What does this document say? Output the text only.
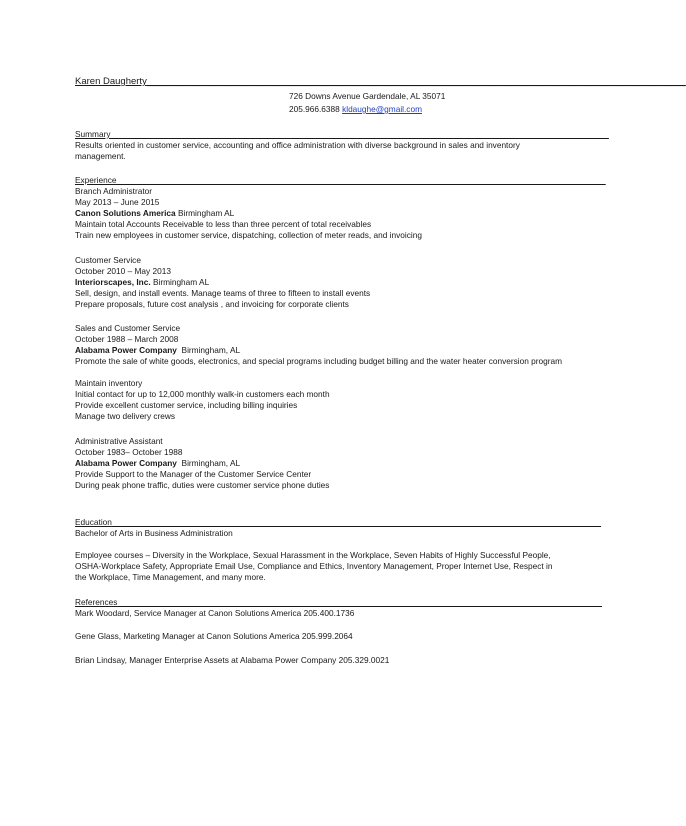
Karen Daugherty______________________________________________________________________________________________________
726 Downs Avenue Gardendale, AL 35071
205.966.6388 kldaughe@gmail.com
Summary____________________________________________________________________________________________________________
Results oriented in customer service, accounting and office administration with diverse background in sales and inventory management.
Experience__________________________________________________________________________________________________________
Branch Administrator
May 2013 – June 2015
Canon Solutions America Birmingham AL
Maintain total Accounts Receivable to less than three percent of total receivables
Train new employees in customer service, dispatching, collection of meter reads, and invoicing
Customer Service
October 2010 – May 2013
Interiorscapes, Inc. Birmingham AL
Sell, design, and install events. Manage teams of three to fifteen to install events
Prepare proposals, future cost analysis , and invoicing for corporate clients
Sales and Customer Service
October 1988 – March 2008
Alabama Power Company Birmingham, AL
Promote the sale of white goods, electronics, and special programs including budget billing and the water heater conversion program
Maintain inventory
Initial contact for up to 12,000 monthly walk-in customers each month
Provide excellent customer service, including billing inquiries
Manage two delivery crews
Administrative Assistant
October 1983– October 1988
Alabama Power Company Birmingham, AL
Provide Support to the Manager of the Customer Service Center
During peak phone traffic, duties were customer service phone duties
Education__________________________________________________________________________________________________________
Bachelor of Arts in Business Administration
Employee courses – Diversity in the Workplace, Sexual Harassment in the Workplace, Seven Habits of Highly Successful People, OSHA-Workplace Safety, Appropriate Email Use, Compliance and Ethics, Inventory Management, Proper Internet Use, Respect in the Workplace, Time Management, and many more.
References_________________________________________________________________________________________________________
Mark Woodard, Service Manager at Canon Solutions America 205.400.1736
Gene Glass, Marketing Manager at Canon Solutions America 205.999.2064
Brian Lindsay, Manager Enterprise Assets at Alabama Power Company 205.329.0021
